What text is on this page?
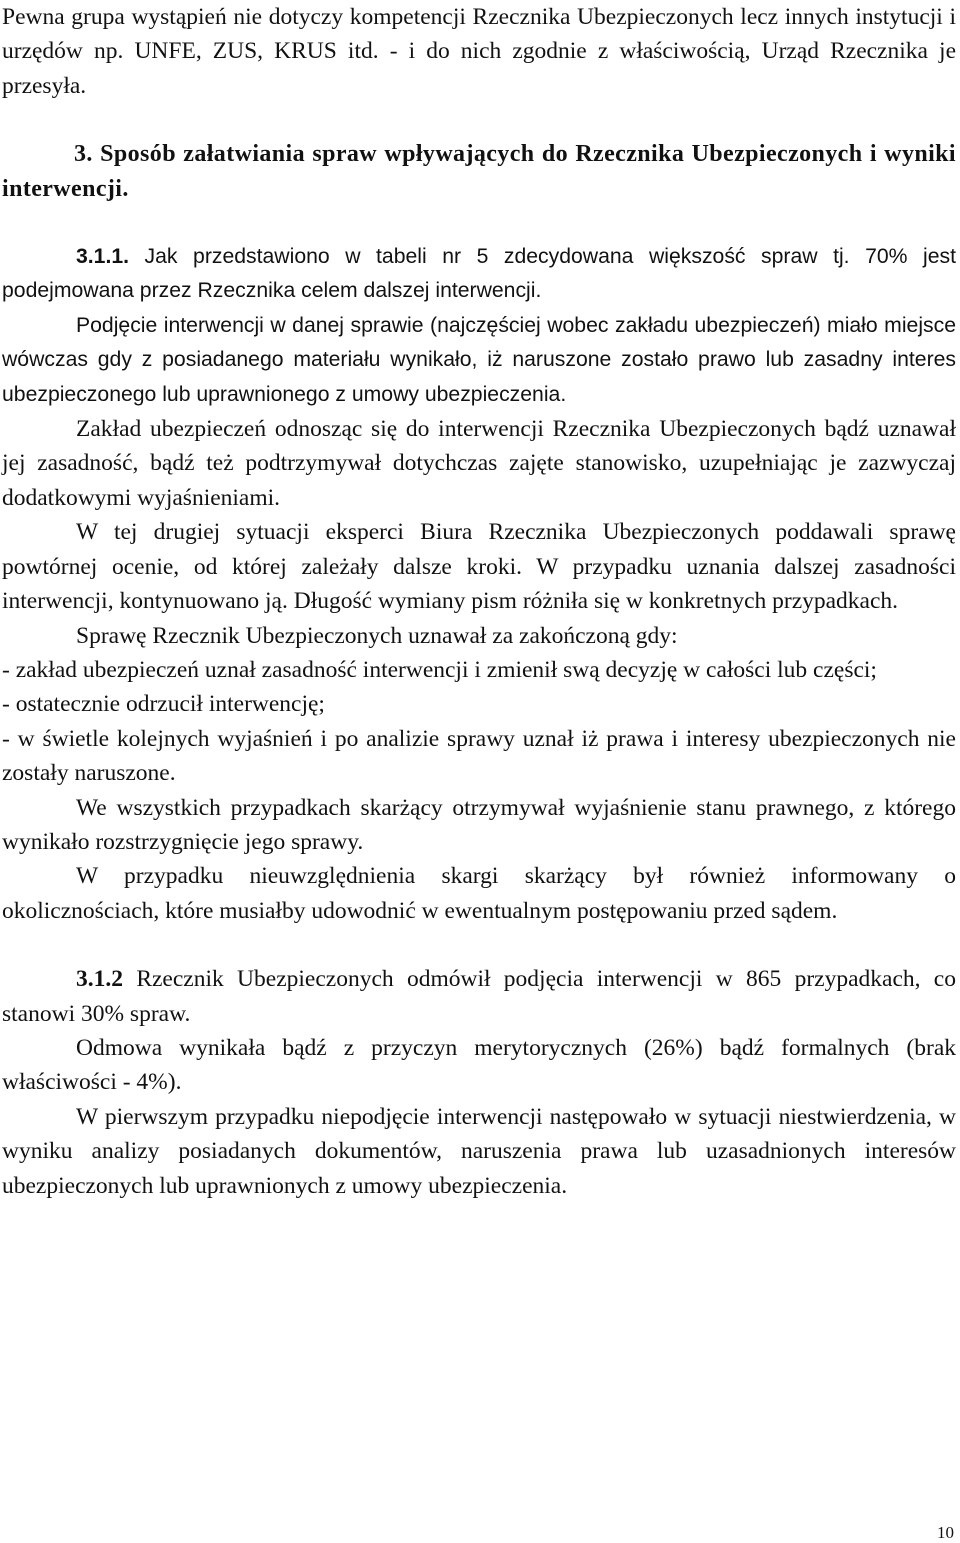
Pewna grupa wystąpień nie dotyczy kompetencji Rzecznika Ubezpieczonych lecz innych instytucji i urzędów np. UNFE, ZUS, KRUS itd. - i do nich zgodnie z właściwością, Urząd Rzecznika je przesyła.

3. Sposób załatwiania spraw wpływających do Rzecznika Ubezpieczonych i wyniki interwencji.

3.1.1. Jak przedstawiono w tabeli nr 5 zdecydowana większość spraw tj. 70% jest podejmowana przez Rzecznika celem dalszej interwencji.

Podjęcie interwencji w danej sprawie (najczęściej wobec zakładu ubezpieczeń) miało miejsce wówczas gdy z posiadanego materiału wynikało, iż naruszone zostało prawo lub zasadny interes ubezpieczonego lub uprawnionego z umowy ubezpieczenia.

Zakład ubezpieczeń odnosząc się do interwencji Rzecznika Ubezpieczonych bądź uznawał jej zasadność, bądź też podtrzymywał dotychczas zajęte stanowisko, uzupełniając je zazwyczaj dodatkowymi wyjaśnieniami.

W tej drugiej sytuacji eksperci Biura Rzecznika Ubezpieczonych poddawali sprawę powtórnej ocenie, od której zależały dalsze kroki. W przypadku uznania dalszej zasadności interwencji, kontynuowano ją. Długość wymiany pism różniła się w konkretnych przypadkach.

Sprawę Rzecznik Ubezpieczonych uznawał za zakończoną gdy:

- zakład ubezpieczeń uznał zasadność interwencji i zmienił swą decyzję w całości lub części;

- ostatecznie odrzucił interwencję;

- w świetle kolejnych wyjaśnień i po analizie sprawy uznał iż prawa i interesy ubezpieczonych nie zostały naruszone.

We wszystkich przypadkach skarżący otrzymywał wyjaśnienie stanu prawnego, z którego wynikało rozstrzygnięcie jego sprawy.

W przypadku nieuwzględnienia skargi skarżący był również informowany o okolicznościach, które musiałby udowodnić w ewentualnym postępowaniu przed sądem.

3.1.2 Rzecznik Ubezpieczonych odmówił podjęcia interwencji w 865 przypadkach, co stanowi 30% spraw.

Odmowa wynikała bądź z przyczyn merytorycznych (26%) bądź formalnych (brak właściwości - 4%).

W pierwszym przypadku niepodjęcie interwencji następowało w sytuacji niestwierdzenia, w wyniku analizy posiadanych dokumentów, naruszenia prawa lub uzasadnionych interesów ubezpieczonych lub uprawnionych z umowy ubezpieczenia.

10
